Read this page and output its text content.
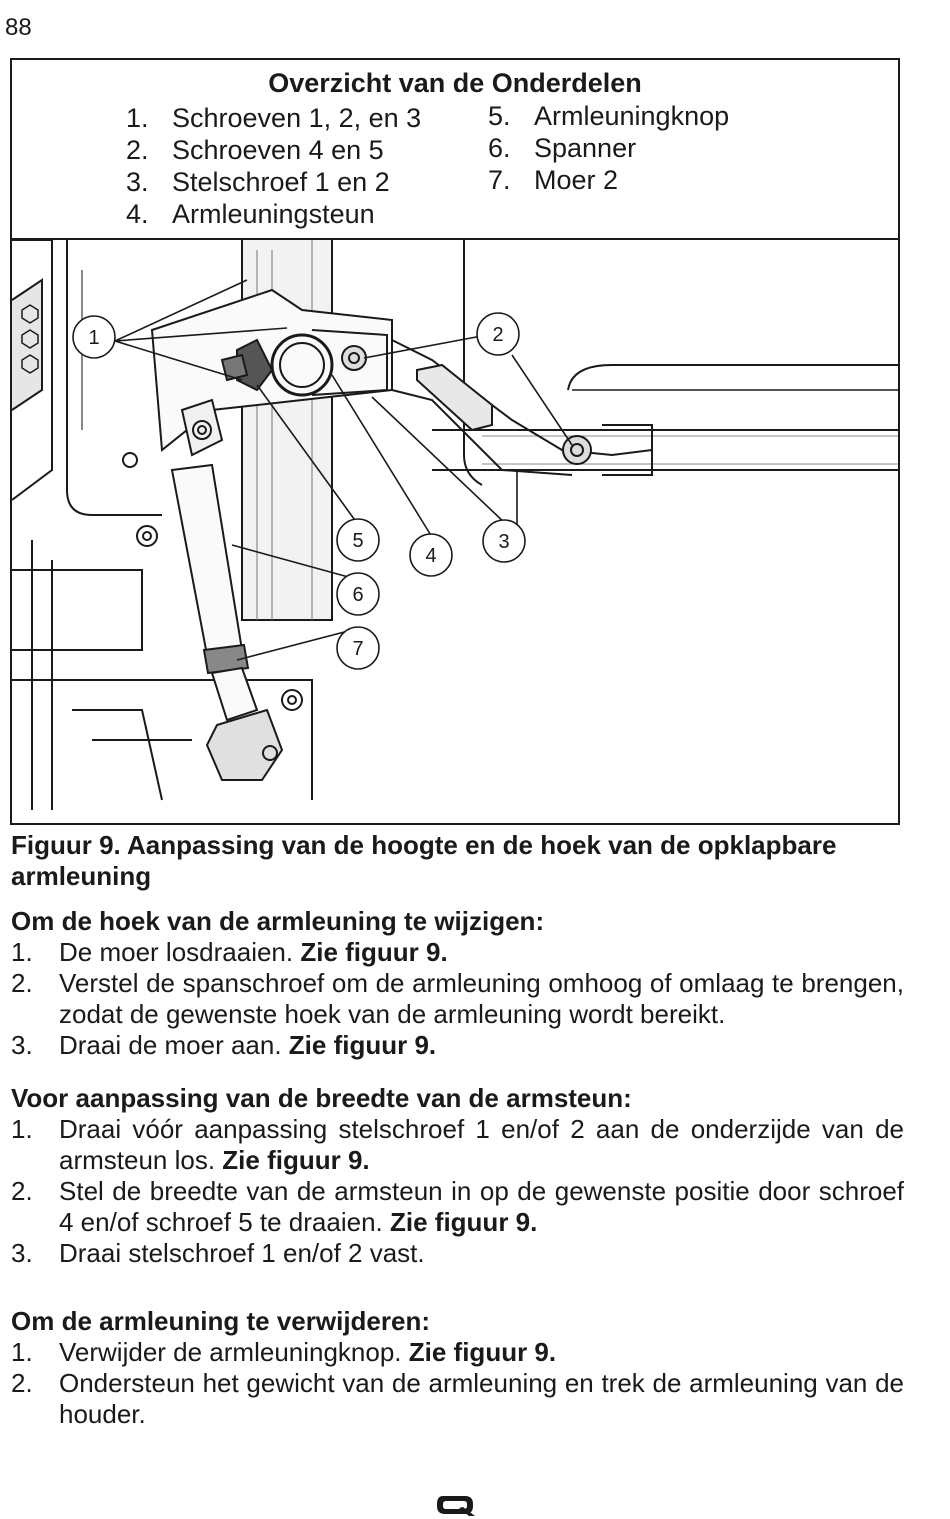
88
Overzicht van de Onderdelen
1. Schroeven 1, 2, en 3
2. Schroeven 4 en 5
3. Stelschroef 1 en 2
4. Armleuningsteun
5. Armleuningknop
6. Spanner
7. Moer 2
1	2
3
4
5
6
7
Figuur 9. Aanpassing van de hoogte en de hoek van de opklapbare armleuning
Om de hoek van de armleuning te wijzigen:
1.	De moer losdraaien. Zie figuur 9.
2.	Verstel de spanschroef om de armleuning omhoog of omlaag te brengen, zodat de gewenste hoek van de armleuning wordt bereikt.
3.	Draai de moer aan. Zie figuur 9.
Voor aanpassing van de breedte van de armsteun:
1.	Draai vóór aanpassing stelschroef 1 en/of 2 aan de onderzijde van de armsteun los. Zie figuur 9.
2.	Stel de breedte van de armsteun in op de gewenste positie door schroef 4 en/of schroef 5 te draaien. Zie figuur 9.
3.	Draai stelschroef 1 en/of 2 vast.
Om de armleuning te verwijderen:
1.	Verwijder de armleuningknop. Zie figuur 9.
2.	Ondersteun het gewicht van de armleuning en trek de armleuning van de houder.
